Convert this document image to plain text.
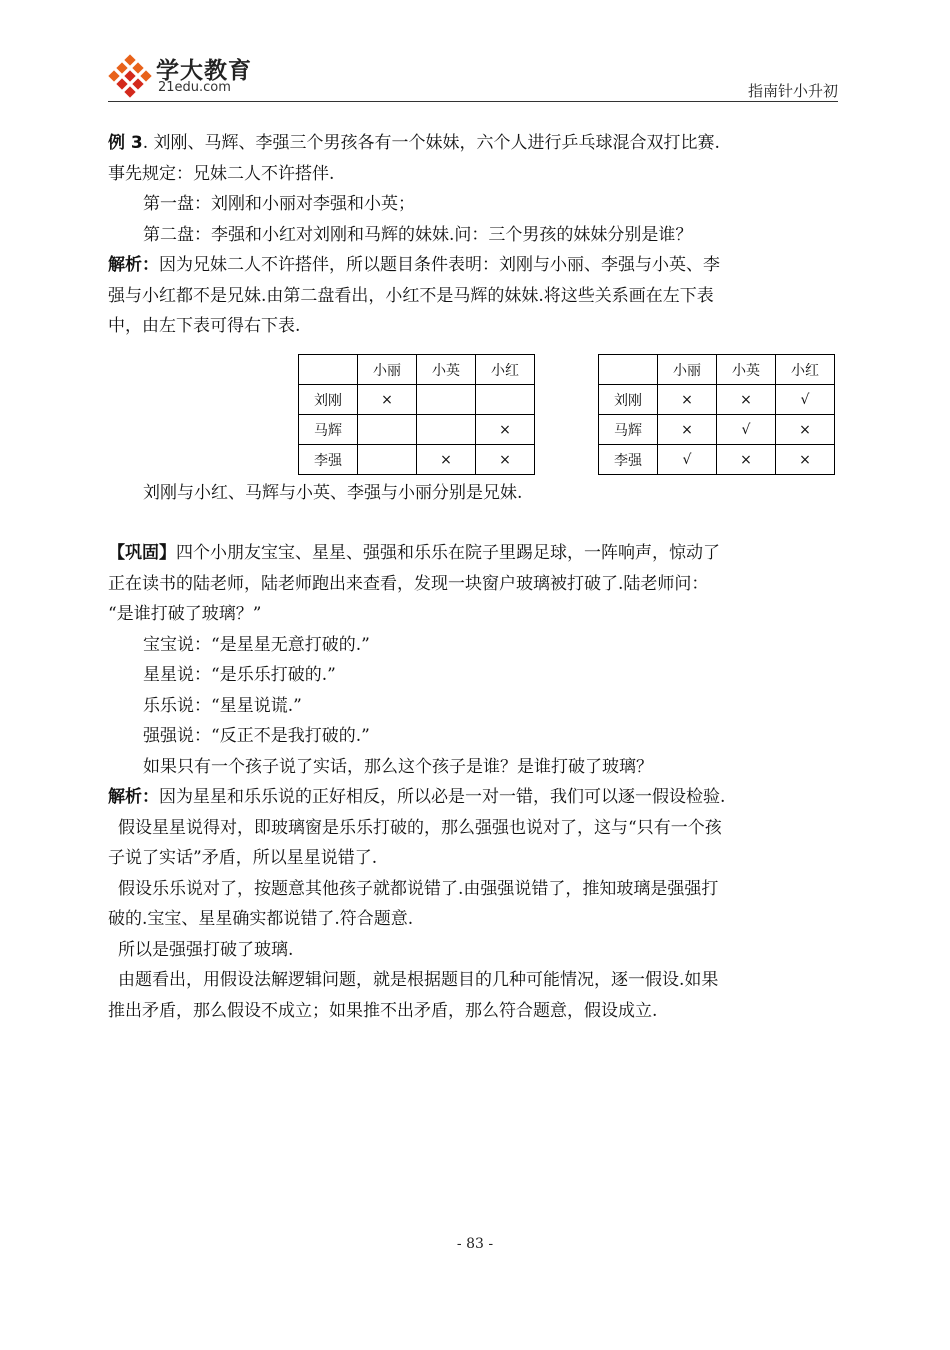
学大教育
21edu.com	指南针小升初

例 3. 刘刚、马辉、李强三个男孩各有一个妹妹，六个人进行乒乓球混合双打比赛.

事先规定：兄妹二人不许搭伴.

第一盘：刘刚和小丽对李强和小英；

第二盘：李强和小红对刘刚和马辉的妹妹.问：三个男孩的妹妹分别是谁？

解析：因为兄妹二人不许搭伴，所以题目条件表明：刘刚与小丽、李强与小英、李

强与小红都不是兄妹.由第二盘看出，小红不是马辉的妹妹.将这些关系画在左下表

中，由左下表可得右下表.

刘刚与小红、马辉与小英、李强与小丽分别是兄妹.

【巩固】四个小朋友宝宝、星星、强强和乐乐在院子里踢足球，一阵响声，惊动了

正在读书的陆老师，陆老师跑出来查看，发现一块窗户玻璃被打破了.陆老师问：

“是谁打破了玻璃？”

宝宝说：“是星星无意打破的.”

星星说：“是乐乐打破的.”

乐乐说：“星星说谎.”

强强说：“反正不是我打破的.”

如果只有一个孩子说了实话，那么这个孩子是谁？是谁打破了玻璃？

解析：因为星星和乐乐说的正好相反，所以必是一对一错，我们可以逐一假设检验.

假设星星说得对，即玻璃窗是乐乐打破的，那么强强也说对了，这与“只有一个孩

子说了实话”矛盾，所以星星说错了.

假设乐乐说对了，按题意其他孩子就都说错了.由强强说错了，推知玻璃是强强打

破的.宝宝、星星确实都说错了.符合题意.

所以是强强打破了玻璃.

由题看出，用假设法解逻辑问题，就是根据题目的几种可能情况，逐一假设.如果

推出矛盾，那么假设不成立；如果推不出矛盾，那么符合题意，假设成立.

	小丽	小英	小红
刘刚	×		
马辉			×
李强		×	×
	小丽	小英	小红
刘刚	×	×	√
马辉	×	√	×
李强	√	×	×
- 83 -
